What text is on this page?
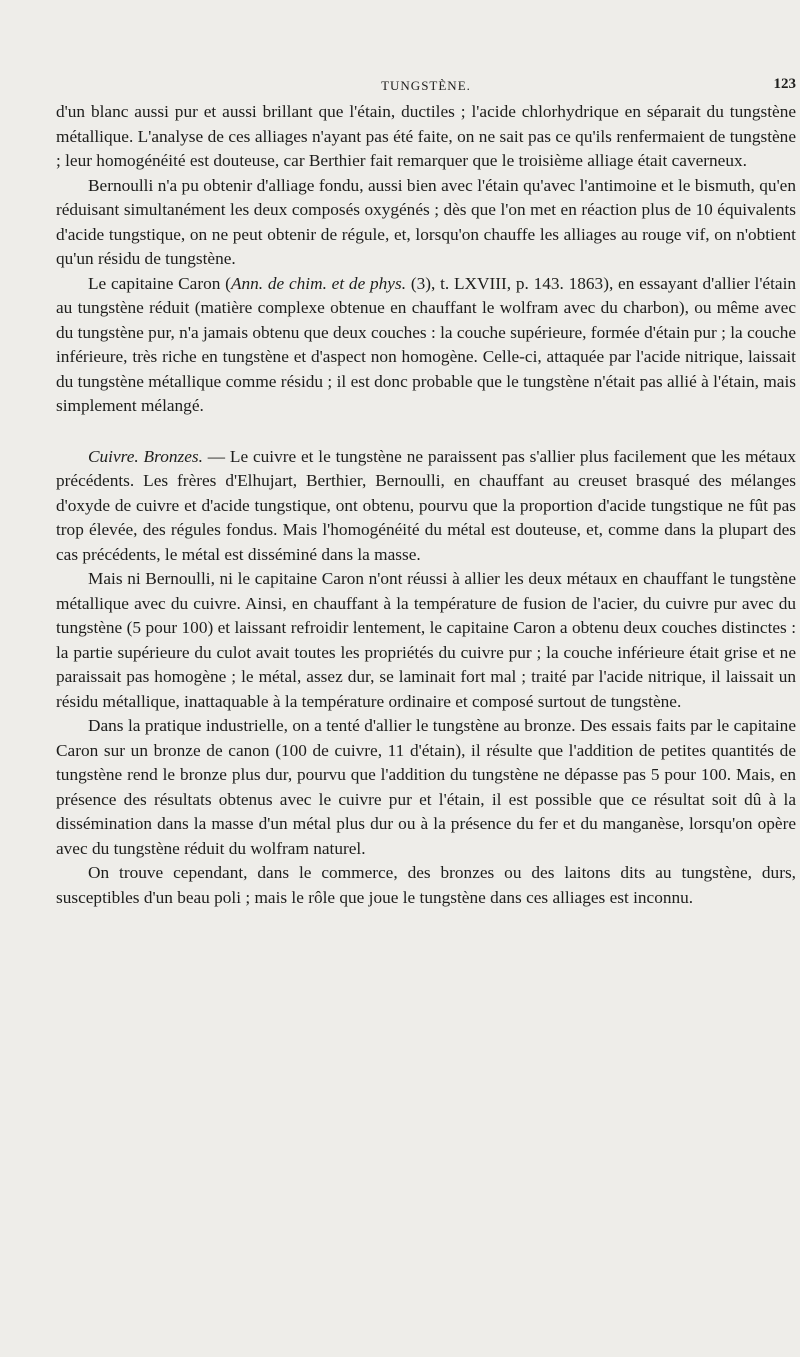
TUNGSTÈNE.	123

d'un blanc aussi pur et aussi brillant que l'étain, ductiles ; l'acide chlorhydrique en séparait du tungstène métallique. L'analyse de ces alliages n'ayant pas été faite, on ne sait pas ce qu'ils renfermaient de tungstène ; leur homogénéité est douteuse, car Berthier fait remarquer que le troisième alliage était caverneux.

Bernoulli n'a pu obtenir d'alliage fondu, aussi bien avec l'étain qu'avec l'antimoine et le bismuth, qu'en réduisant simultanément les deux composés oxygénés ; dès que l'on met en réaction plus de 10 équivalents d'acide tungstique, on ne peut obtenir de régule, et, lorsqu'on chauffe les alliages au rouge vif, on n'obtient qu'un résidu de tungstène.

Le capitaine Caron (Ann. de chim. et de phys. (3), t. LXVIII, p. 143. 1863), en essayant d'allier l'étain au tungstène réduit (matière complexe obtenue en chauffant le wolfram avec du charbon), ou même avec du tungstène pur, n'a jamais obtenu que deux couches : la couche supérieure, formée d'étain pur ; la couche inférieure, très riche en tungstène et d'aspect non homogène. Celle-ci, attaquée par l'acide nitrique, laissait du tungstène métallique comme résidu ; il est donc probable que le tungstène n'était pas allié à l'étain, mais simplement mélangé.

Cuivre. Bronzes. — Le cuivre et le tungstène ne paraissent pas s'allier plus facilement que les métaux précédents. Les frères d'Elhujart, Berthier, Bernoulli, en chauffant au creuset brasqué des mélanges d'oxyde de cuivre et d'acide tungstique, ont obtenu, pourvu que la proportion d'acide tungstique ne fût pas trop élevée, des régules fondus. Mais l'homogénéité du métal est douteuse, et, comme dans la plupart des cas précédents, le métal est disséminé dans la masse.

Mais ni Bernoulli, ni le capitaine Caron n'ont réussi à allier les deux métaux en chauffant le tungstène métallique avec du cuivre. Ainsi, en chauffant à la température de fusion de l'acier, du cuivre pur avec du tungstène (5 pour 100) et laissant refroidir lentement, le capitaine Caron a obtenu deux couches distinctes : la partie supérieure du culot avait toutes les propriétés du cuivre pur ; la couche inférieure était grise et ne paraissait pas homogène ; le métal, assez dur, se laminait fort mal ; traité par l'acide nitrique, il laissait un résidu métallique, inattaquable à la température ordinaire et composé surtout de tungstène.

Dans la pratique industrielle, on a tenté d'allier le tungstène au bronze. Des essais faits par le capitaine Caron sur un bronze de canon (100 de cuivre, 11 d'étain), il résulte que l'addition de petites quantités de tungstène rend le bronze plus dur, pourvu que l'addition du tungstène ne dépasse pas 5 pour 100. Mais, en présence des résultats obtenus avec le cuivre pur et l'étain, il est possible que ce résultat soit dû à la dissémination dans la masse d'un métal plus dur ou à la présence du fer et du manganèse, lorsqu'on opère avec du tungstène réduit du wolfram naturel.

On trouve cependant, dans le commerce, des bronzes ou des laitons dits au tungstène, durs, susceptibles d'un beau poli ; mais le rôle que joue le tungstène dans ces alliages est inconnu.
